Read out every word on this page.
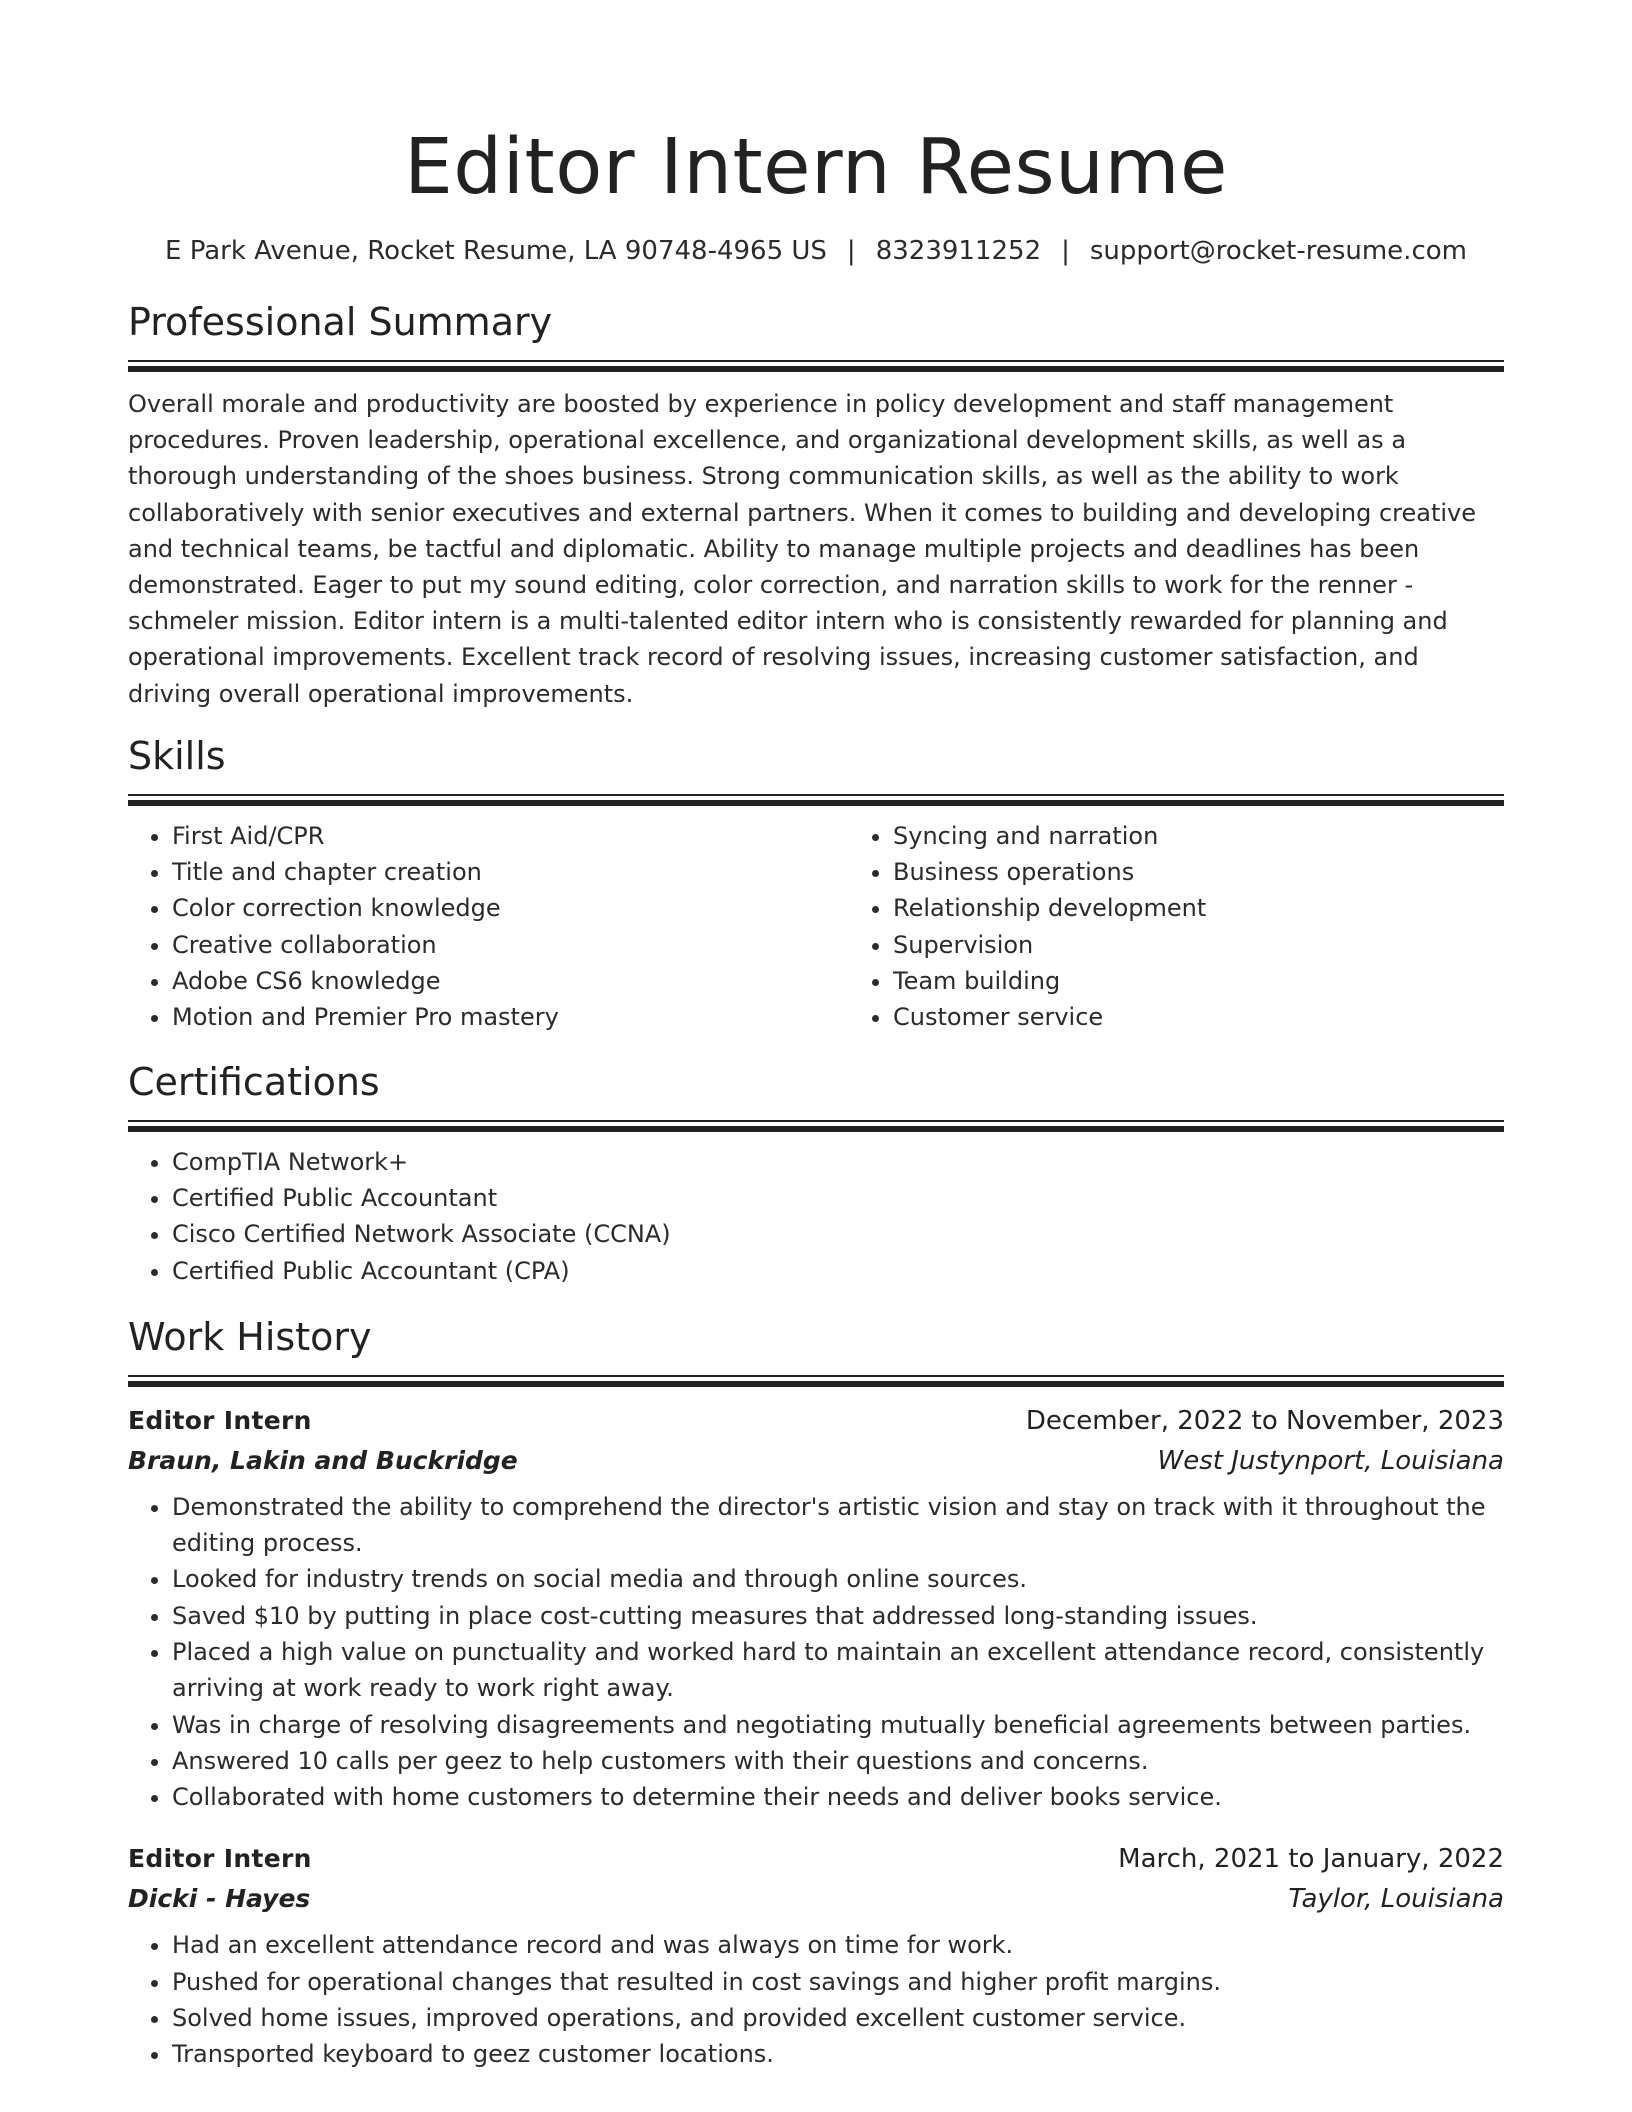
Editor Intern Resume
E Park Avenue, Rocket Resume, LA 90748-4965 US | 8323911252 | support@rocket-resume.com
Professional Summary
Overall morale and productivity are boosted by experience in policy development and staff management procedures. Proven leadership, operational excellence, and organizational development skills, as well as a thorough understanding of the shoes business. Strong communication skills, as well as the ability to work collaboratively with senior executives and external partners. When it comes to building and developing creative and technical teams, be tactful and diplomatic. Ability to manage multiple projects and deadlines has been demonstrated. Eager to put my sound editing, color correction, and narration skills to work for the renner - schmeler mission. Editor intern is a multi-talented editor intern who is consistently rewarded for planning and operational improvements. Excellent track record of resolving issues, increasing customer satisfaction, and driving overall operational improvements.
Skills
• First Aid/CPR
• Title and chapter creation
• Color correction knowledge
• Creative collaboration
• Adobe CS6 knowledge
• Motion and Premier Pro mastery
• Syncing and narration
• Business operations
• Relationship development
• Supervision
• Team building
• Customer service
Certifications
• CompTIA Network+
• Certified Public Accountant
• Cisco Certified Network Associate (CCNA)
• Certified Public Accountant (CPA)
Work History
Editor Intern	December, 2022 to November, 2023
Braun, Lakin and Buckridge	West Justynport, Louisiana
• Demonstrated the ability to comprehend the director's artistic vision and stay on track with it throughout the editing process.
• Looked for industry trends on social media and through online sources.
• Saved $10 by putting in place cost-cutting measures that addressed long-standing issues.
• Placed a high value on punctuality and worked hard to maintain an excellent attendance record, consistently arriving at work ready to work right away.
• Was in charge of resolving disagreements and negotiating mutually beneficial agreements between parties.
• Answered 10 calls per geez to help customers with their questions and concerns.
• Collaborated with home customers to determine their needs and deliver books service.
Editor Intern	March, 2021 to January, 2022
Dicki - Hayes	Taylor, Louisiana
• Had an excellent attendance record and was always on time for work.
• Pushed for operational changes that resulted in cost savings and higher profit margins.
• Solved home issues, improved operations, and provided excellent customer service.
• Transported keyboard to geez customer locations.
